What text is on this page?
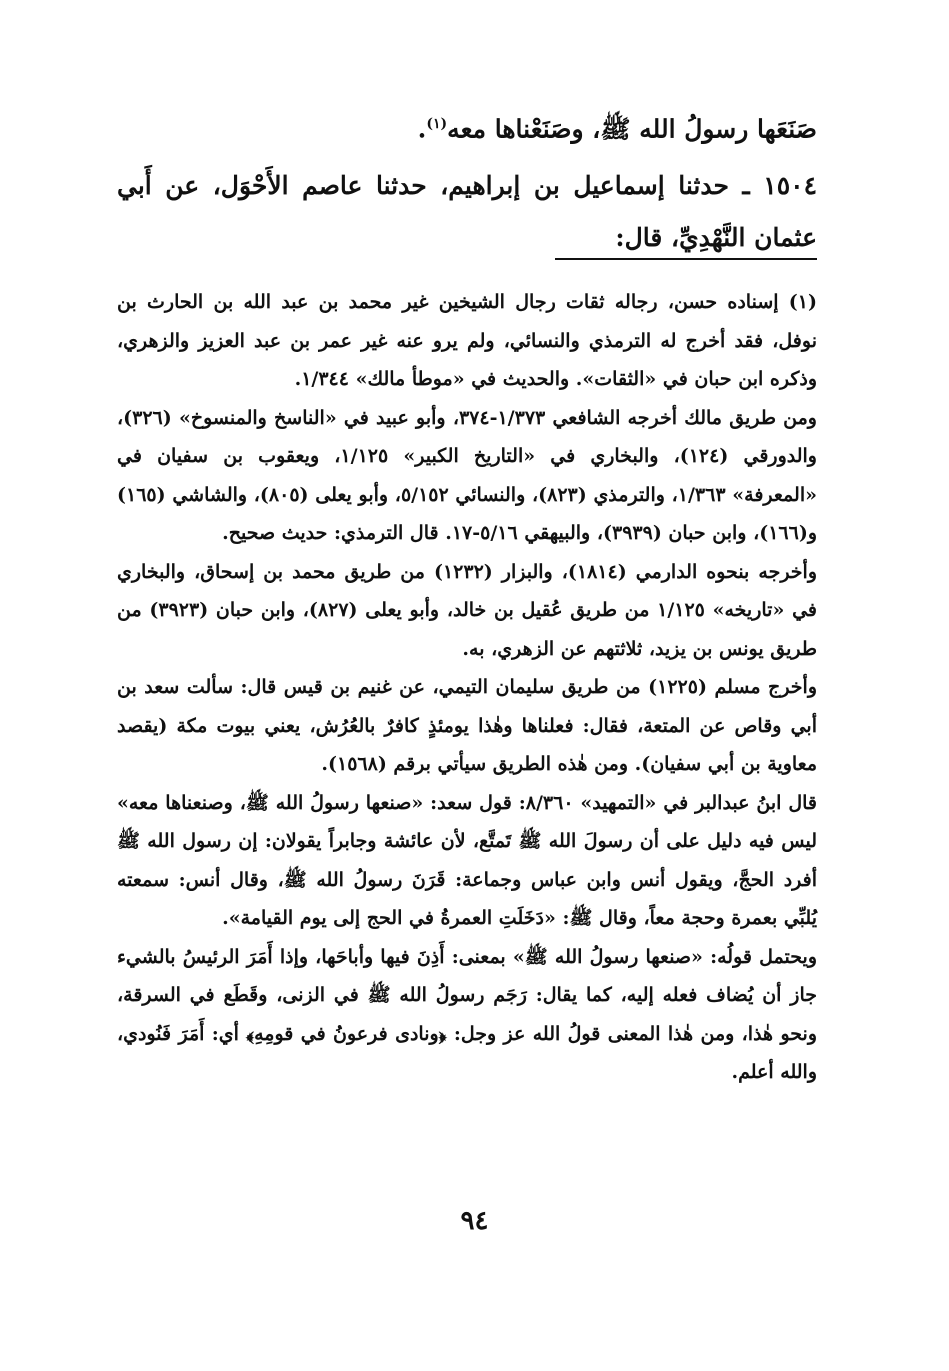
صَنَعَها رسولُ الله ﷺ، وصَنَعْناها معه$^{(١)}$.
١٥٠٤ ـ حدثنا إسماعيل بن إبراهيم، حدثنا عاصم الأَحْوَل، عن أَبي عثمان النَّهْدِيِّ، قال:

(١) إسناده حسن، رجاله ثقات رجال الشيخين غير محمد بن عبد الله بن الحارث بن نوفل، فقد أخرج له الترمذي والنسائي، ولم يرو عنه غير عمر بن عبد العزيز والزهري، وذكره ابن حبان في «الثقات». والحديث في «موطأ مالك» ١/٣٤٤.

ومن طريق مالك أخرجه الشافعي ١/٣٧٣-٣٧٤، وأبو عبيد في «الناسخ والمنسوخ» (٣٢٦)، والدورقي (١٢٤)، والبخاري في «التاريخ الكبير» ١/١٢٥، ويعقوب بن سفيان في «المعرفة» ١/٣٦٣، والترمذي (٨٢٣)، والنسائي ٥/١٥٢، وأبو يعلى (٨٠٥)، والشاشي (١٦٥) و(١٦٦)، وابن حبان (٣٩٣٩)، والبيهقي ٥/١٦-١٧. قال الترمذي: حديث صحيح.

وأخرجه بنحوه الدارمي (١٨١٤)، والبزار (١٢٣٢) من طريق محمد بن إسحاق، والبخاري في «تاريخه» ١/١٢٥ من طريق عُقيل بن خالد، وأبو يعلى (٨٢٧)، وابن حبان (٣٩٢٣) من طريق يونس بن يزيد، ثلاثتهم عن الزهري، به.

وأخرج مسلم (١٢٢٥) من طريق سليمان التيمي، عن غنيم بن قيس قال: سألت سعد بن أبي وقاص عن المتعة، فقال: فعلناها وهٰذا يومئذٍ كافرٌ بالعُرُش، يعني بيوت مكة (يقصد معاوية بن أبي سفيان). ومن هٰذه الطريق سيأتي برقم (١٥٦٨).

قال ابنُ عبدالبر في «التمهيد» ٨/٣٦٠: قول سعد: «صنعها رسولُ الله ﷺ، وصنعناها معه» ليس فيه دليل على أن رسولَ الله ﷺ تَمتَّع، لأن عائشة وجابراً يقولان: إن رسول الله ﷺ أفرد الحجَّ، ويقول أنس وابن عباس وجماعة: قَرَنَ رسولُ الله ﷺ، وقال أنس: سمعته يُلبِّي بعمرة وحجة معاً، وقال ﷺ: «دَخَلَتِ العمرةُ في الحج إلى يوم القيامة».

ويحتمل قولُه: «صنعها رسولُ الله ﷺ» بمعنى: أَذِنَ فيها وأباحَها، وإذا أَمَرَ الرئيسُ بالشيء جاز أن يُضاف فعله إليه، كما يقال: رَجَم رسولُ الله ﷺ في الزنى، وقَطَع في السرقة، ونحو هٰذا، ومن هٰذا المعنى قولُ الله عز وجل: ﴿ونادى فرعونُ في قومِهِ﴾ أي: أَمَرَ فَنُودي، والله أعلم.

٩٤
